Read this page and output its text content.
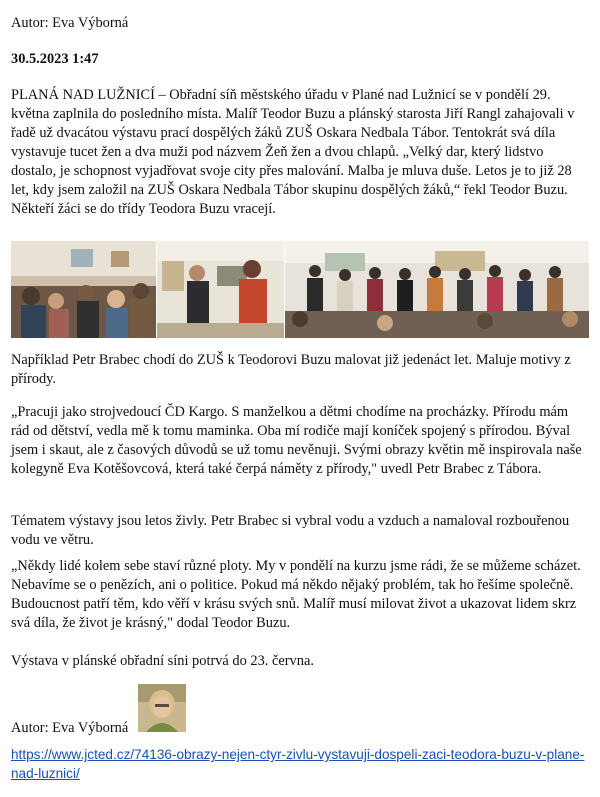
Autor: Eva Výborná

30.5.2023 1:47

PLANÁ NAD LUŽNICÍ – Obřadní síň městského úřadu v Plané nad Lužnicí se v pondělí 29. května zaplnila do posledního místa. Malíř Teodor Buzu a plánský starosta Jiří Rangl zahajovali v řadě už dvacátou výstavu prací dospělých žáků ZUŠ Oskara Nedbala Tábor. Tentokrát svá díla vystavuje tucet žen a dva muži pod názvem Žeň žen a dvou chlapů. „Velký dar, který lidstvo dostalo, je schopnost vyjadřovat svoje city přes malování. Malba je mluva duše. Letos je to již 28 let, kdy jsem založil na ZUŠ Oskara Nedbala Tábor skupinu dospělých žáků,“ řekl Teodor Buzu. Někteří žáci se do třídy Teodora Buzu vracejí.

Například Petr Brabec chodí do ZUŠ k Teodorovi Buzu malovat již jedenáct let. Maluje motivy z přírody.

„Pracuji jako strojvedoucí ČD Kargo. S manželkou a dětmi chodíme na procházky. Přírodu mám rád od dětství, vedla mě k tomu maminka. Oba mí rodiče mají koníček spojený s přírodou. Býval jsem i skaut, ale z časových důvodů se už tomu nevěnuji. Svými obrazy květin mě inspirovala naše kolegyně Eva Kotěšovcová, která také čerpá náměty z přírody," uvedl Petr Brabec z Tábora.

Tématem výstavy jsou letos živly. Petr Brabec si vybral vodu a vzduch a namaloval rozbouřenou vodu ve větru.

„Někdy lidé kolem sebe staví různé ploty. My v pondělí na kurzu jsme rádi, že se můžeme scházet. Nebavíme se o penězích, ani o politice. Pokud má někdo nějaký problém, tak ho řešíme společně. Budoucnost patří těm, kdo věří v krásu svých snů. Malíř musí milovat život a ukazovat lidem skrz svá díla, že život je krásný," dodal Teodor Buzu.

Výstava v plánské obřadní síni potrvá do 23. června.

Autor: Eva Výborná

https://www.jcted.cz/74136-obrazy-nejen-ctyr-zivlu-vystavuji-dospeli-zaci-teodora-buzu-v-plane-nad-luznici/
